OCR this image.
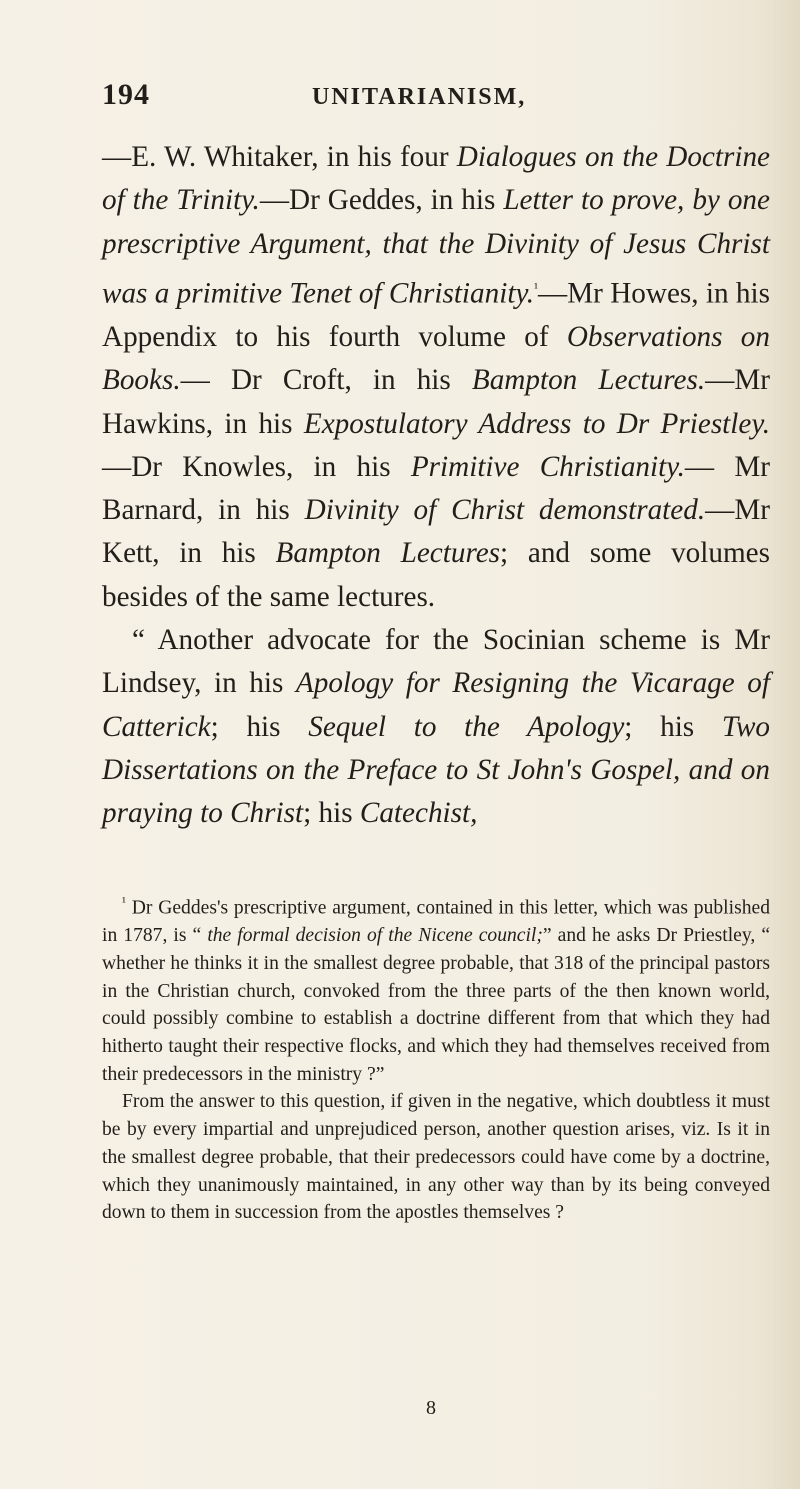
194	UNITARIANISM,

—E. W. Whitaker, in his four Dialogues on the Doctrine of the Trinity.—Dr Geddes, in his Letter to prove, by one prescriptive Argument, that the Divinity of Jesus Christ was a primitive Tenet of Christianity.$^{^1}$—Mr Howes, in his Appendix to his fourth volume of Observations on Books.— Dr Croft, in his Bampton Lectures.—Mr Hawkins, in his Expostulatory Address to Dr Priestley. —Dr Knowles, in his Primitive Christianity.— Mr Barnard, in his Divinity of Christ demonstrated.—Mr Kett, in his Bampton Lectures; and some volumes besides of the same lectures.

“ Another advocate for the Socinian scheme is Mr Lindsey, in his Apology for Resigning the Vicarage of Catterick; his Sequel to the Apology; his Two Dissertations on the Preface to St John's Gospel, and on praying to Christ; his Catechist,

$^{^1}$ Dr Geddes's prescriptive argument, contained in this letter, which was published in 1787, is “ the formal decision of the Nicene council;” and he asks Dr Priestley, “ whether he thinks it in the smallest degree probable, that 318 of the principal pastors in the Christian church, convoked from the three parts of the then known world, could possibly combine to establish a doctrine different from that which they had hitherto taught their respective flocks, and which they had themselves received from their predecessors in the ministry ?”

From the answer to this question, if given in the negative, which doubtless it must be by every impartial and unprejudiced person, another question arises, viz. Is it in the smallest degree probable, that their predecessors could have come by a doctrine, which they unanimously maintained, in any other way than by its being conveyed down to them in succession from the apostles themselves ?

8
